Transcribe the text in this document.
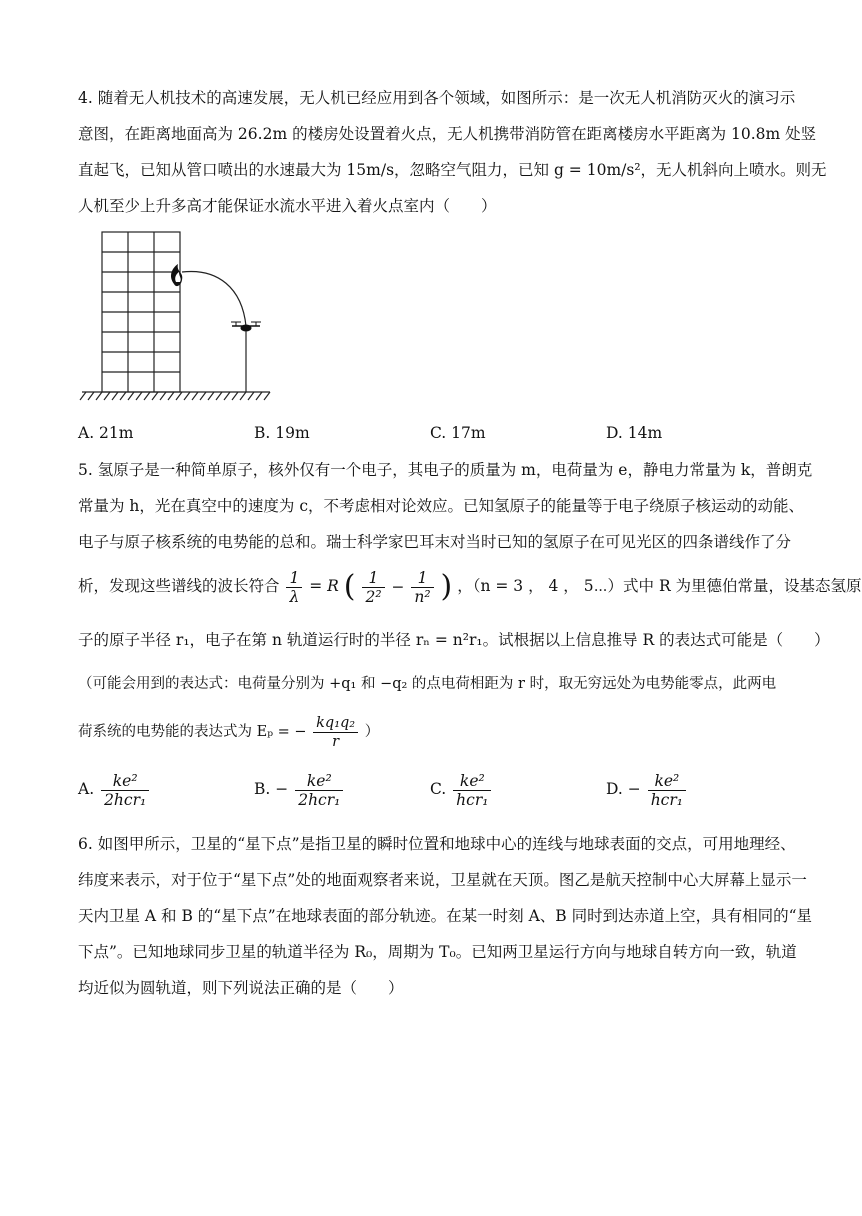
4. 随着无人机技术的高速发展，无人机已经应用到各个领域，如图所示：是一次无人机消防灭火的演习示
意图，在距离地面高为 26.2m 的楼房处设置着火点，无人机携带消防管在距离楼房水平距离为 10.8m 处竖
直起飞，已知从管口喷出的水速最大为 15m/s，忽略空气阻力，已知 g = 10m/s²，无人机斜向上喷水。则无
人机至少上升多高才能保证水流水平进入着火点室内（　　）
A. 21m	B. 19m	C. 17m	D. 14m
5. 氢原子是一种简单原子，核外仅有一个电子，其电子的质量为 m，电荷量为 e，静电力常量为 k，普朗克
常量为 h，光在真空中的速度为 c，不考虑相对论效应。已知氢原子的能量等于电子绕原子核运动的动能、
电子与原子核系统的电势能的总和。瑞士科学家巴耳末对当时已知的氢原子在可见光区的四条谱线作了分
析，发现这些谱线的波长符合 $\frac{1}{\lambda} = R$ ( $\frac{1}{\text{2²}} - \frac{1}{\text{n²}}$ ) ，（n = 3 ， 4 ， 5⋯）式中 R 为里德伯常量，设基态氢原
子的原子半径 r₁，电子在第 n 轨道运行时的半径 rₙ = n²r₁。试根据以上信息推导 R 的表达式可能是（　　）
（可能会用到的表达式：电荷量分别为 +q₁ 和 −q₂ 的点电荷相距为 r 时，取无穷远处为电势能零点，此两电
荷系统的电势能的表达式为 Eₚ = − $\frac{\text{kq₁q₂}}{r}$ ）
A. $\frac{\text{ke²}}{\text{2hcr₁}}$	B. − $\frac{\text{ke²}}{\text{2hcr₁}}$	C. $\frac{\text{ke²}}{\text{hcr₁}}$	D. − $\frac{\text{ke²}}{\text{hcr₁}}$
6. 如图甲所示，卫星的“星下点”是指卫星的瞬时位置和地球中心的连线与地球表面的交点，可用地理经、
纬度来表示，对于位于“星下点”处的地面观察者来说，卫星就在天顶。图乙是航天控制中心大屏幕上显示一
天内卫星 A 和 B 的“星下点”在地球表面的部分轨迹。在某一时刻 A、B 同时到达赤道上空，具有相同的“星
下点”。已知地球同步卫星的轨道半径为 R₀，周期为 T₀。已知两卫星运行方向与地球自转方向一致，轨道
均近似为圆轨道，则下列说法正确的是（　　）
